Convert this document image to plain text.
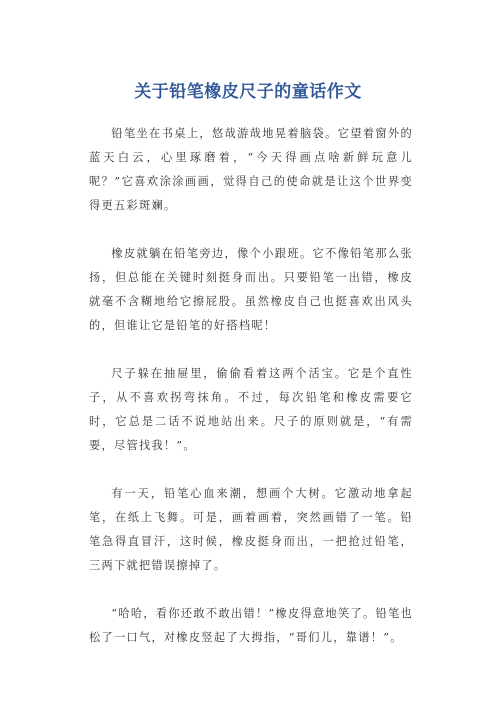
关于铅笔橡皮尺子的童话作文

铅笔坐在书桌上，悠哉游哉地晃着脑袋。它望着窗外的蓝天白云，心里琢磨着，“今天得画点啥新鲜玩意儿呢？”它喜欢涂涂画画，觉得自己的使命就是让这个世界变得更五彩斑斓。

橡皮就躺在铅笔旁边，像个小跟班。它不像铅笔那么张扬，但总能在关键时刻挺身而出。只要铅笔一出错，橡皮就毫不含糊地给它擦屁股。虽然橡皮自己也挺喜欢出风头的，但谁让它是铅笔的好搭档呢！

尺子躲在抽屉里，偷偷看着这两个活宝。它是个直性子，从不喜欢拐弯抹角。不过，每次铅笔和橡皮需要它时，它总是二话不说地站出来。尺子的原则就是，“有需要，尽管找我！”。

有一天，铅笔心血来潮，想画个大树。它激动地拿起笔，在纸上飞舞。可是，画着画着，突然画错了一笔。铅笔急得直冒汗，这时候，橡皮挺身而出，一把抢过铅笔，三两下就把错误擦掉了。

“哈哈，看你还敢不敢出错！”橡皮得意地笑了。铅笔也松了一口气，对橡皮竖起了大拇指，“哥们儿，靠谱！”。
